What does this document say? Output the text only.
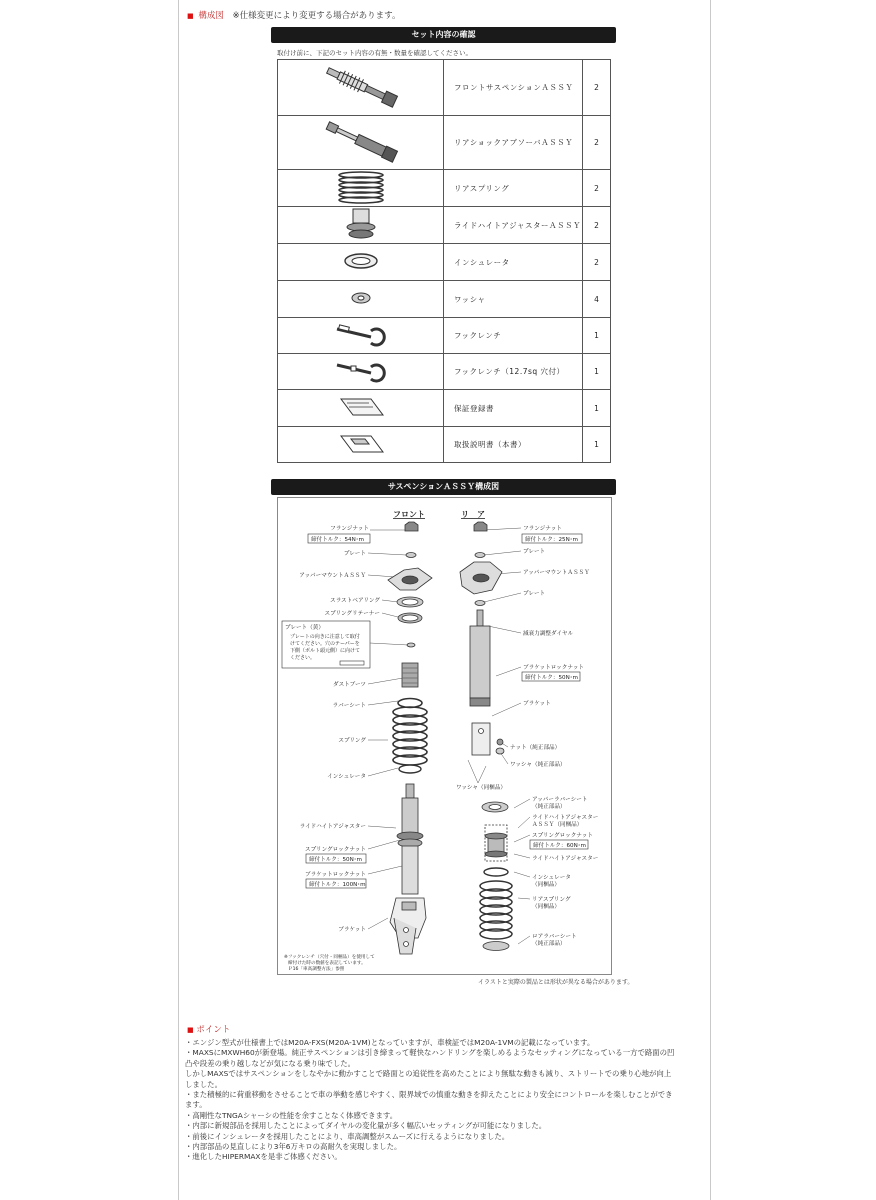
■ 構成図 ※仕様変更により変更する場合があります。
セット内容の確認
取付け前に、下記のセット内容の有無・数量を確認してください。
	フロントサスペンションＡＳＳＹ	2
	リアショックアブソーバＡＳＳＹ	2
	リアスプリング	2
	ライドハイトアジャスターＡＳＳＹ	2
	インシュレータ	2
	ワッシャ	4
	フックレンチ	1
	フックレンチ（12.7sq 穴付）	1
	保証登録書	1
	取扱説明書（本書）	1
サスペンションＡＳＳＹ構成図
フロント	リ　ア
フランジナット
プレート
アッパーマウントＡＳＳＹ
スラストベアリング
スプリングリテーナー
ダストブーツ
ラバーシート
スプリング
インシュレータ
ライドハイトアジャスター
スプリングロックナット
ブラケットロックナット
ブラケット
締付トルク：54N･m
締付トルク：50N･m
締付トルク：100N･m
プレート（黄）
プレートの向きに注意して取付
けてください。穴のテーパーを
下側（ボルト頭元側）に向けて
ください。
※フックレンチ（穴付・同梱品）を使用して
締付けた時の数値を表記しています。
Ｐ16「車高調整方法」参照
フランジナット
締付トルク：25N･m
プレート
アッパーマウントＡＳＳＹ
プレート
減衰力調整ダイヤル
ブラケットロックナット
締付トルク：50N･m
ブラケット
ナット（純正部品）
ワッシャ（純正部品）
ワッシャ（同梱品）
アッパーラバーシート
（純正部品）
ライドハイトアジャスター
ＡＳＳＹ（同梱品）
スプリングロックナット
締付トルク：60N･m
ライドハイトアジャスター
インシュレータ
（同梱品）
リアスプリング
（同梱品）
ロアラバーシート
（純正部品）
イラストと実際の製品とは形状が異なる場合があります。
■ ポイント
・エンジン型式が仕様書上ではM20A-FXS(M20A-1VM)となっていますが、車検証ではM20A-1VMの記載になっています。
・MAXSにMXWH60が新登場。純正サスペンションは引き締まって軽快なハンドリングを楽しめるようなセッティングになっている一方で路面の凹
凸や段差の乗り越しなどが気になる乗り味でした。
しかしMAXSではサスペンションをしなやかに動かすことで路面との追従性を高めたことにより無駄な動きも減り、ストリートでの乗り心地が向上
しました。
・また積極的に荷重移動をさせることで車の挙動を感じやすく、限界域での慎重な動きを抑えたことにより安全にコントロールを楽しむことができ
ます。
・高剛性なTNGAシャーシの性能を余すことなく体感できます。
・内部に新規部品を採用したことによってダイヤルの変化量が多く幅広いセッティングが可能になりました。
・前後にインシュレータを採用したことにより、車高調整がスムーズに行えるようになりました。
・内部部品の見直しにより3年6万キロの高耐久を実現しました。
・進化したHIPERMAXを是非ご体感ください。
